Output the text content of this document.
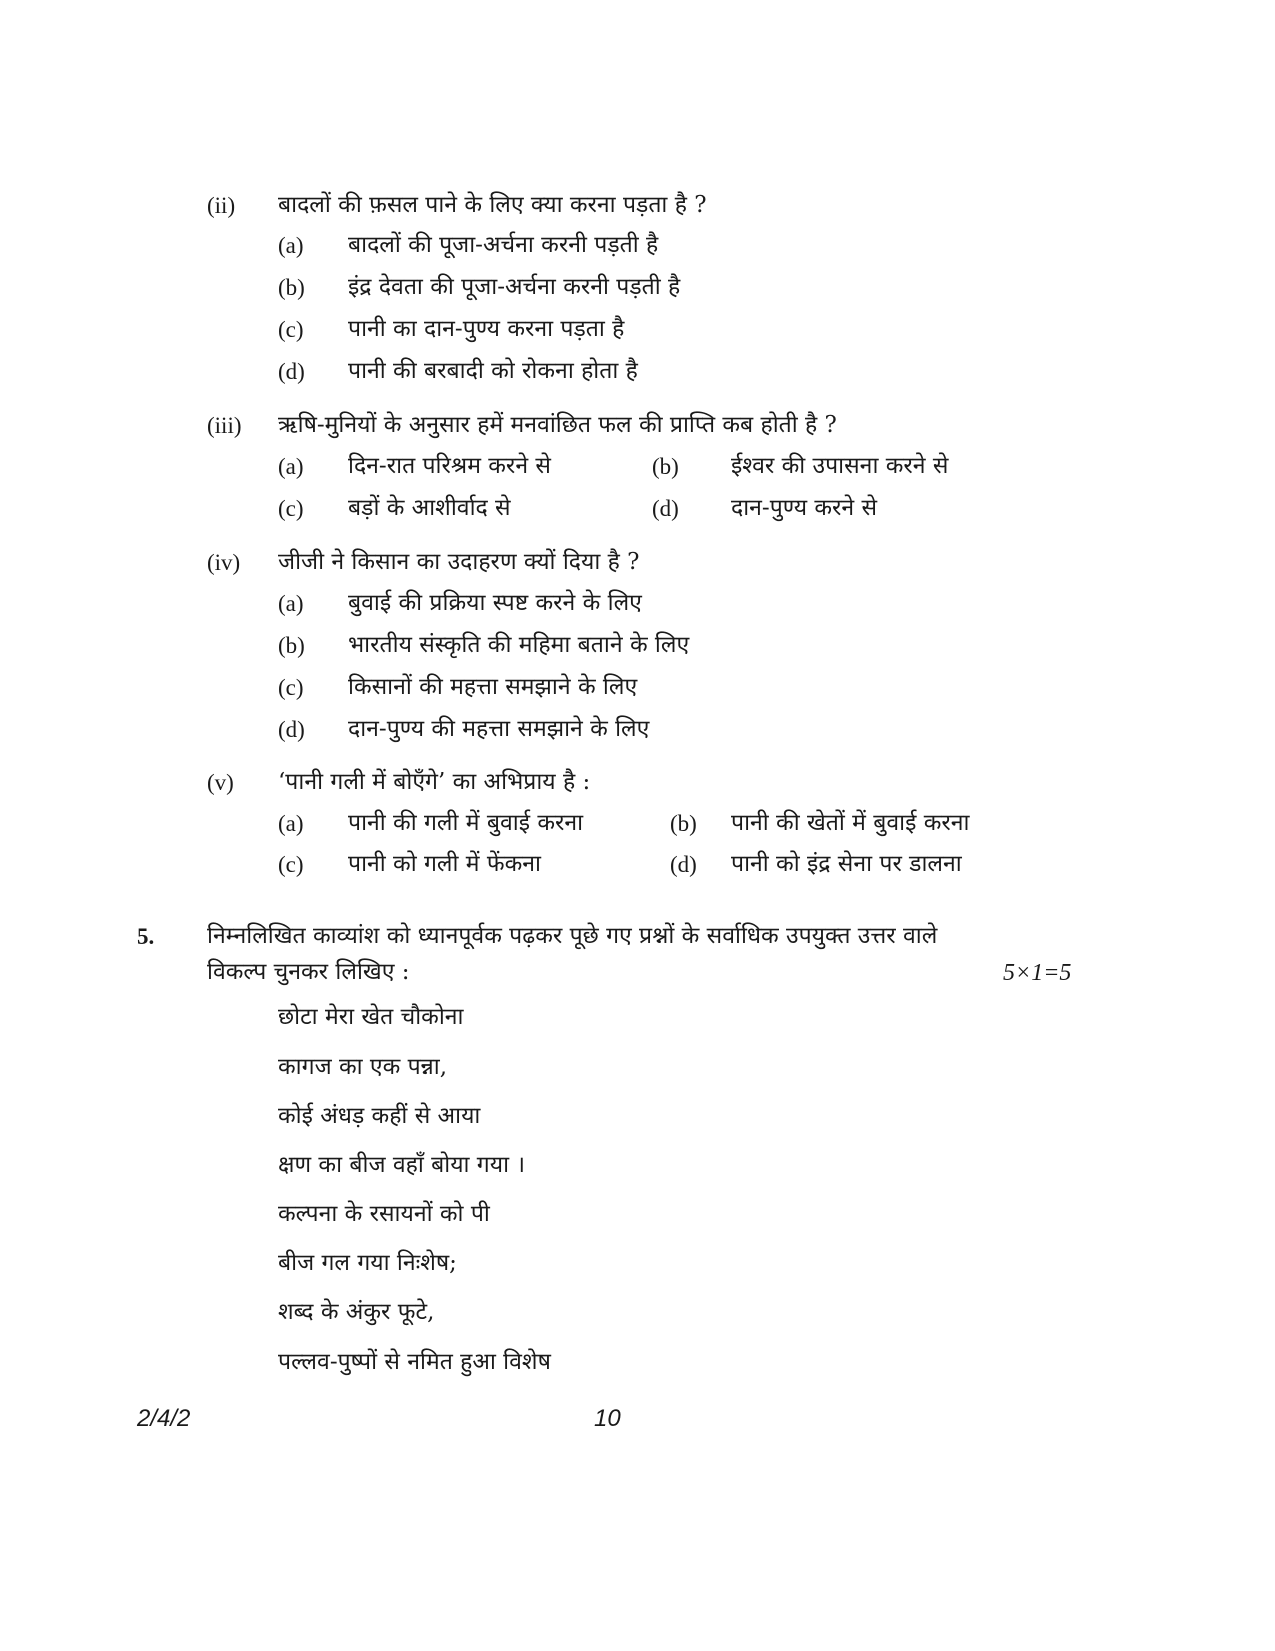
(ii) बादलों की फ़सल पाने के लिए क्या करना पड़ता है ?
(a) बादलों की पूजा-अर्चना करनी पड़ती है
(b) इंद्र देवता की पूजा-अर्चना करनी पड़ती है
(c) पानी का दान-पुण्य करना पड़ता है
(d) पानी की बरबादी को रोकना होता है
(iii) ऋषि-मुनियों के अनुसार हमें मनवांछित फल की प्राप्ति कब होती है ?
(a) दिन-रात परिश्रम करने से	(b) ईश्वर की उपासना करने से
(c) बड़ों के आशीर्वाद से	(d) दान-पुण्य करने से
(iv) जीजी ने किसान का उदाहरण क्यों दिया है ?
(a) बुवाई की प्रक्रिया स्पष्ट करने के लिए
(b) भारतीय संस्कृति की महिमा बताने के लिए
(c) किसानों की महत्ता समझाने के लिए
(d) दान-पुण्य की महत्ता समझाने के लिए
(v) ‘पानी गली में बोएँगे’ का अभिप्राय है :
(a) पानी की गली में बुवाई करना	(b) पानी की खेतों में बुवाई करना
(c) पानी को गली में फेंकना	(d) पानी को इंद्र सेना पर डालना
5. निम्नलिखित काव्यांश को ध्यानपूर्वक पढ़कर पूछे गए प्रश्नों के सर्वाधिक उपयुक्त उत्तर वाले
विकल्प चुनकर लिखिए :	5×1=5
छोटा मेरा खेत चौकोना
कागज का एक पन्ना,
कोई अंधड़ कहीं से आया
क्षण का बीज वहाँ बोया गया ।
कल्पना के रसायनों को पी
बीज गल गया निःशेष;
शब्द के अंकुर फूटे,
पल्लव-पुष्पों से नमित हुआ विशेष
2/4/2	10
